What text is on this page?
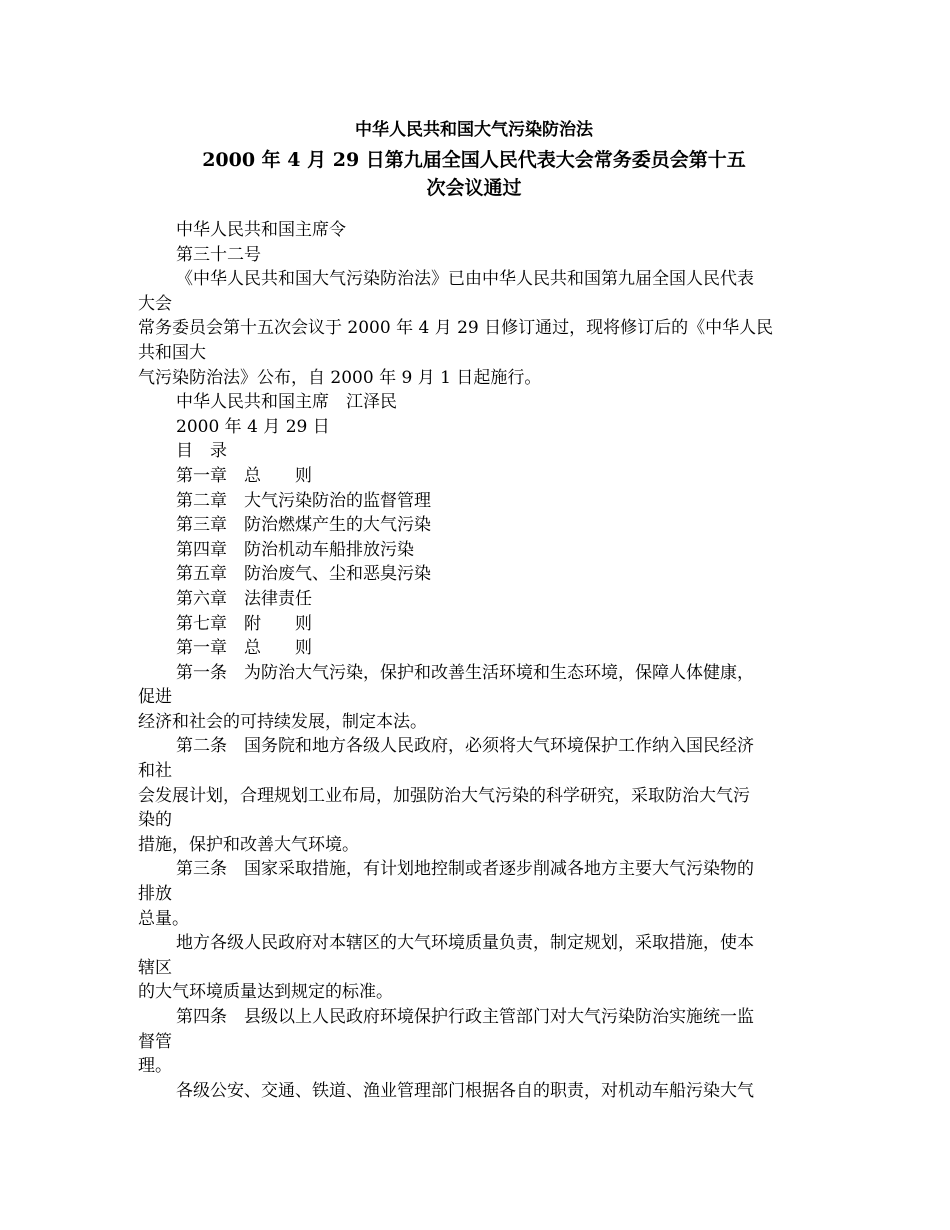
中华人民共和国大气污染防治法
2000 年 4 月 29 日第九届全国人民代表大会常务委员会第十五
次会议通过
中华人民共和国主席令
第三十二号
《中华人民共和国大气污染防治法》已由中华人民共和国第九届全国人民代表
大会
常务委员会第十五次会议于 2000 年 4 月 29 日修订通过，现将修订后的《中华人民
共和国大
气污染防治法》公布，自 2000 年 9 月 1 日起施行。
中华人民共和国主席　江泽民
2000 年 4 月 29 日
目　录
第一章　总　　则
第二章　大气污染防治的监督管理
第三章　防治燃煤产生的大气污染
第四章　防治机动车船排放污染
第五章　防治废气、尘和恶臭污染
第六章　法律责任
第七章　附　　则
第一章　总　　则
第一条　为防治大气污染，保护和改善生活环境和生态环境，保障人体健康，
促进
经济和社会的可持续发展，制定本法。
第二条　国务院和地方各级人民政府，必须将大气环境保护工作纳入国民经济
和社
会发展计划，合理规划工业布局，加强防治大气污染的科学研究，采取防治大气污
染的
措施，保护和改善大气环境。
第三条　国家采取措施，有计划地控制或者逐步削减各地方主要大气污染物的
排放
总量。
地方各级人民政府对本辖区的大气环境质量负责，制定规划，采取措施，使本
辖区
的大气环境质量达到规定的标准。
第四条　县级以上人民政府环境保护行政主管部门对大气污染防治实施统一监
督管
理。
各级公安、交通、铁道、渔业管理部门根据各自的职责，对机动车船污染大气
